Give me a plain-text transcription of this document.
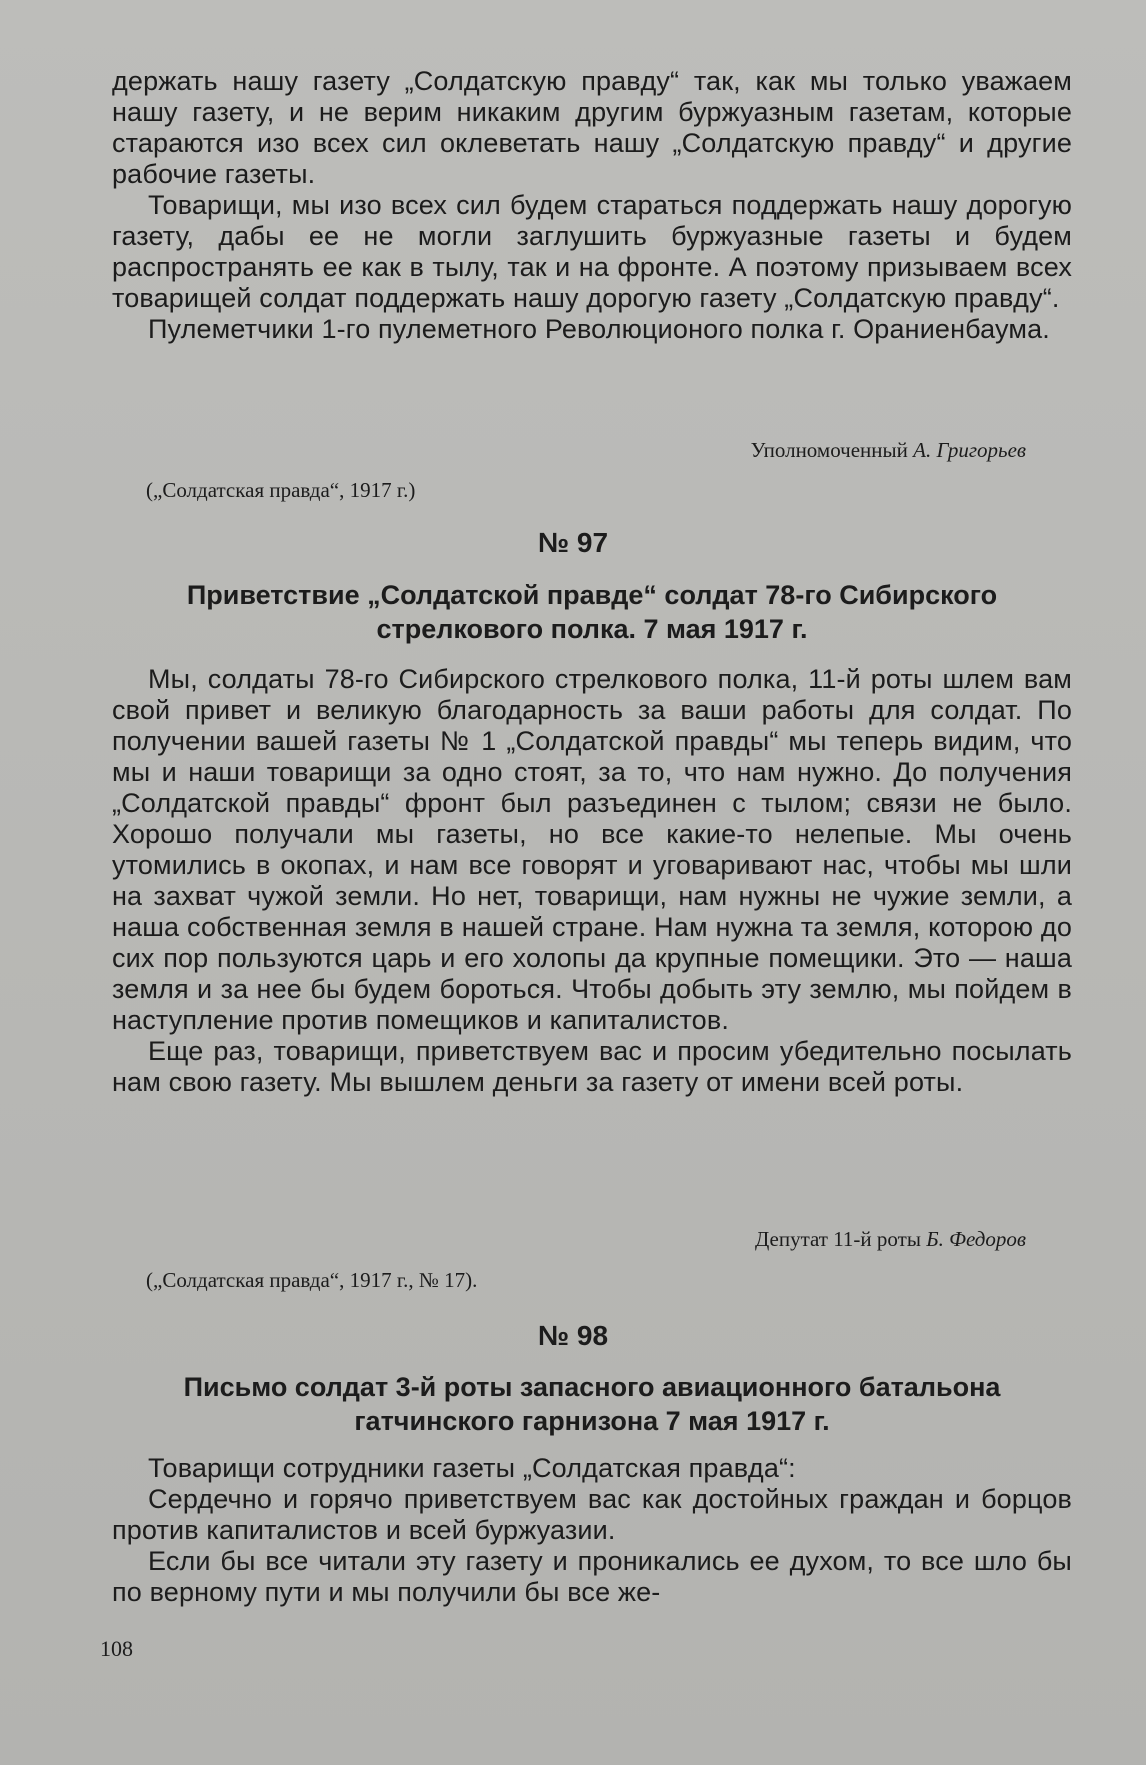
держать нашу газету „Солдатскую правду“ так, как мы только уважаем нашу газету, и не верим никаким другим буржуазным газетам, которые стараются изо всех сил оклеветать нашу „Солдатскую правду“ и другие рабочие газеты.

Товарищи, мы изо всех сил будем стараться поддержать нашу дорогую газету, дабы ее не могли заглушить буржуазные газеты и будем распространять ее как в тылу, так и на фронте. А поэтому призываем всех товарищей солдат поддержать нашу дорогую газету „Солдатскую правду“.

Пулеметчики 1-го пулеметного Революционого полка г. Ораниенбаума.

Уполномоченный А. Григорьев
(„Солдатская правда“, 1917 г.)
№ 97
Приветствие „Солдатской правде“ солдат 78-го Сибирского стрелкового полка. 7 мая 1917 г.

Мы, солдаты 78-го Сибирского стрелкового полка, 11-й роты шлем вам свой привет и великую благодарность за ваши работы для солдат. По получении вашей газеты № 1 „Солдатской правды“ мы теперь видим, что мы и наши товарищи за одно стоят, за то, что нам нужно. До получения „Солдатской правды“ фронт был разъединен с тылом; связи не было. Хорошо получали мы газеты, но все какие-то нелепые. Мы очень утомились в окопах, и нам все говорят и уговаривают нас, чтобы мы шли на захват чужой земли. Но нет, товарищи, нам нужны не чужие земли, а наша собственная земля в нашей стране. Нам нужна та земля, которою до сих пор пользуются царь и его холопы да крупные помещики. Это — наша земля и за нее бы будем бороться. Чтобы добыть эту землю, мы пойдем в наступление против помещиков и капиталистов.

Еще раз, товарищи, приветствуем вас и просим убедительно посылать нам свою газету. Мы вышлем деньги за газету от имени всей роты.

Депутат 11-й роты Б. Федоров
(„Солдатская правда“, 1917 г., № 17).
№ 98
Письмо солдат 3-й роты запасного авиационного батальона гатчинского гарнизона 7 мая 1917 г.

Товарищи сотрудники газеты „Солдатская правда“:

Сердечно и горячо приветствуем вас как достойных граждан и борцов против капиталистов и всей буржуазии.

Если бы все читали эту газету и проникались ее духом, то все шло бы по верному пути и мы получили бы все же-

108
